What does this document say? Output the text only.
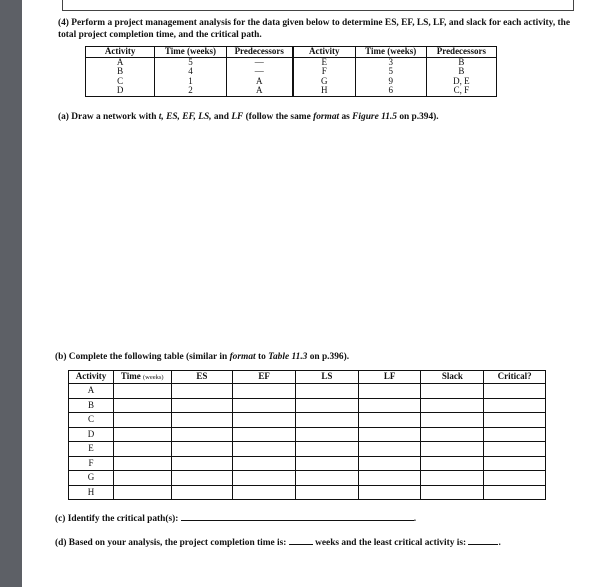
(4) Perform a project management analysis for the data given below to determine ES, EF, LS, LF, and slack for each activity, the total project completion time, and the critical path.
Activity	Time (weeks)	Predecessors	Activity	Time (weeks)	Predecessors
A	5	—	E	3	B
B	4	—	F	5	B
C	1	A	G	9	D, E
D	2	A	H	6	C, F
(a) Draw a network with t, ES, EF, LS, and LF (follow the same format as Figure 11.5 on p.394).
(b) Complete the following table (similar in format to Table 11.3 on p.396).
Activity	Time (weeks)	ES	EF	LS	LF	Slack	Critical?
A							
B							
C							
D							
E							
F							
G							
H							
(c) Identify the critical path(s):	.
(d) Based on your analysis, the project completion time is:	weeks and the least critical activity is:	.
